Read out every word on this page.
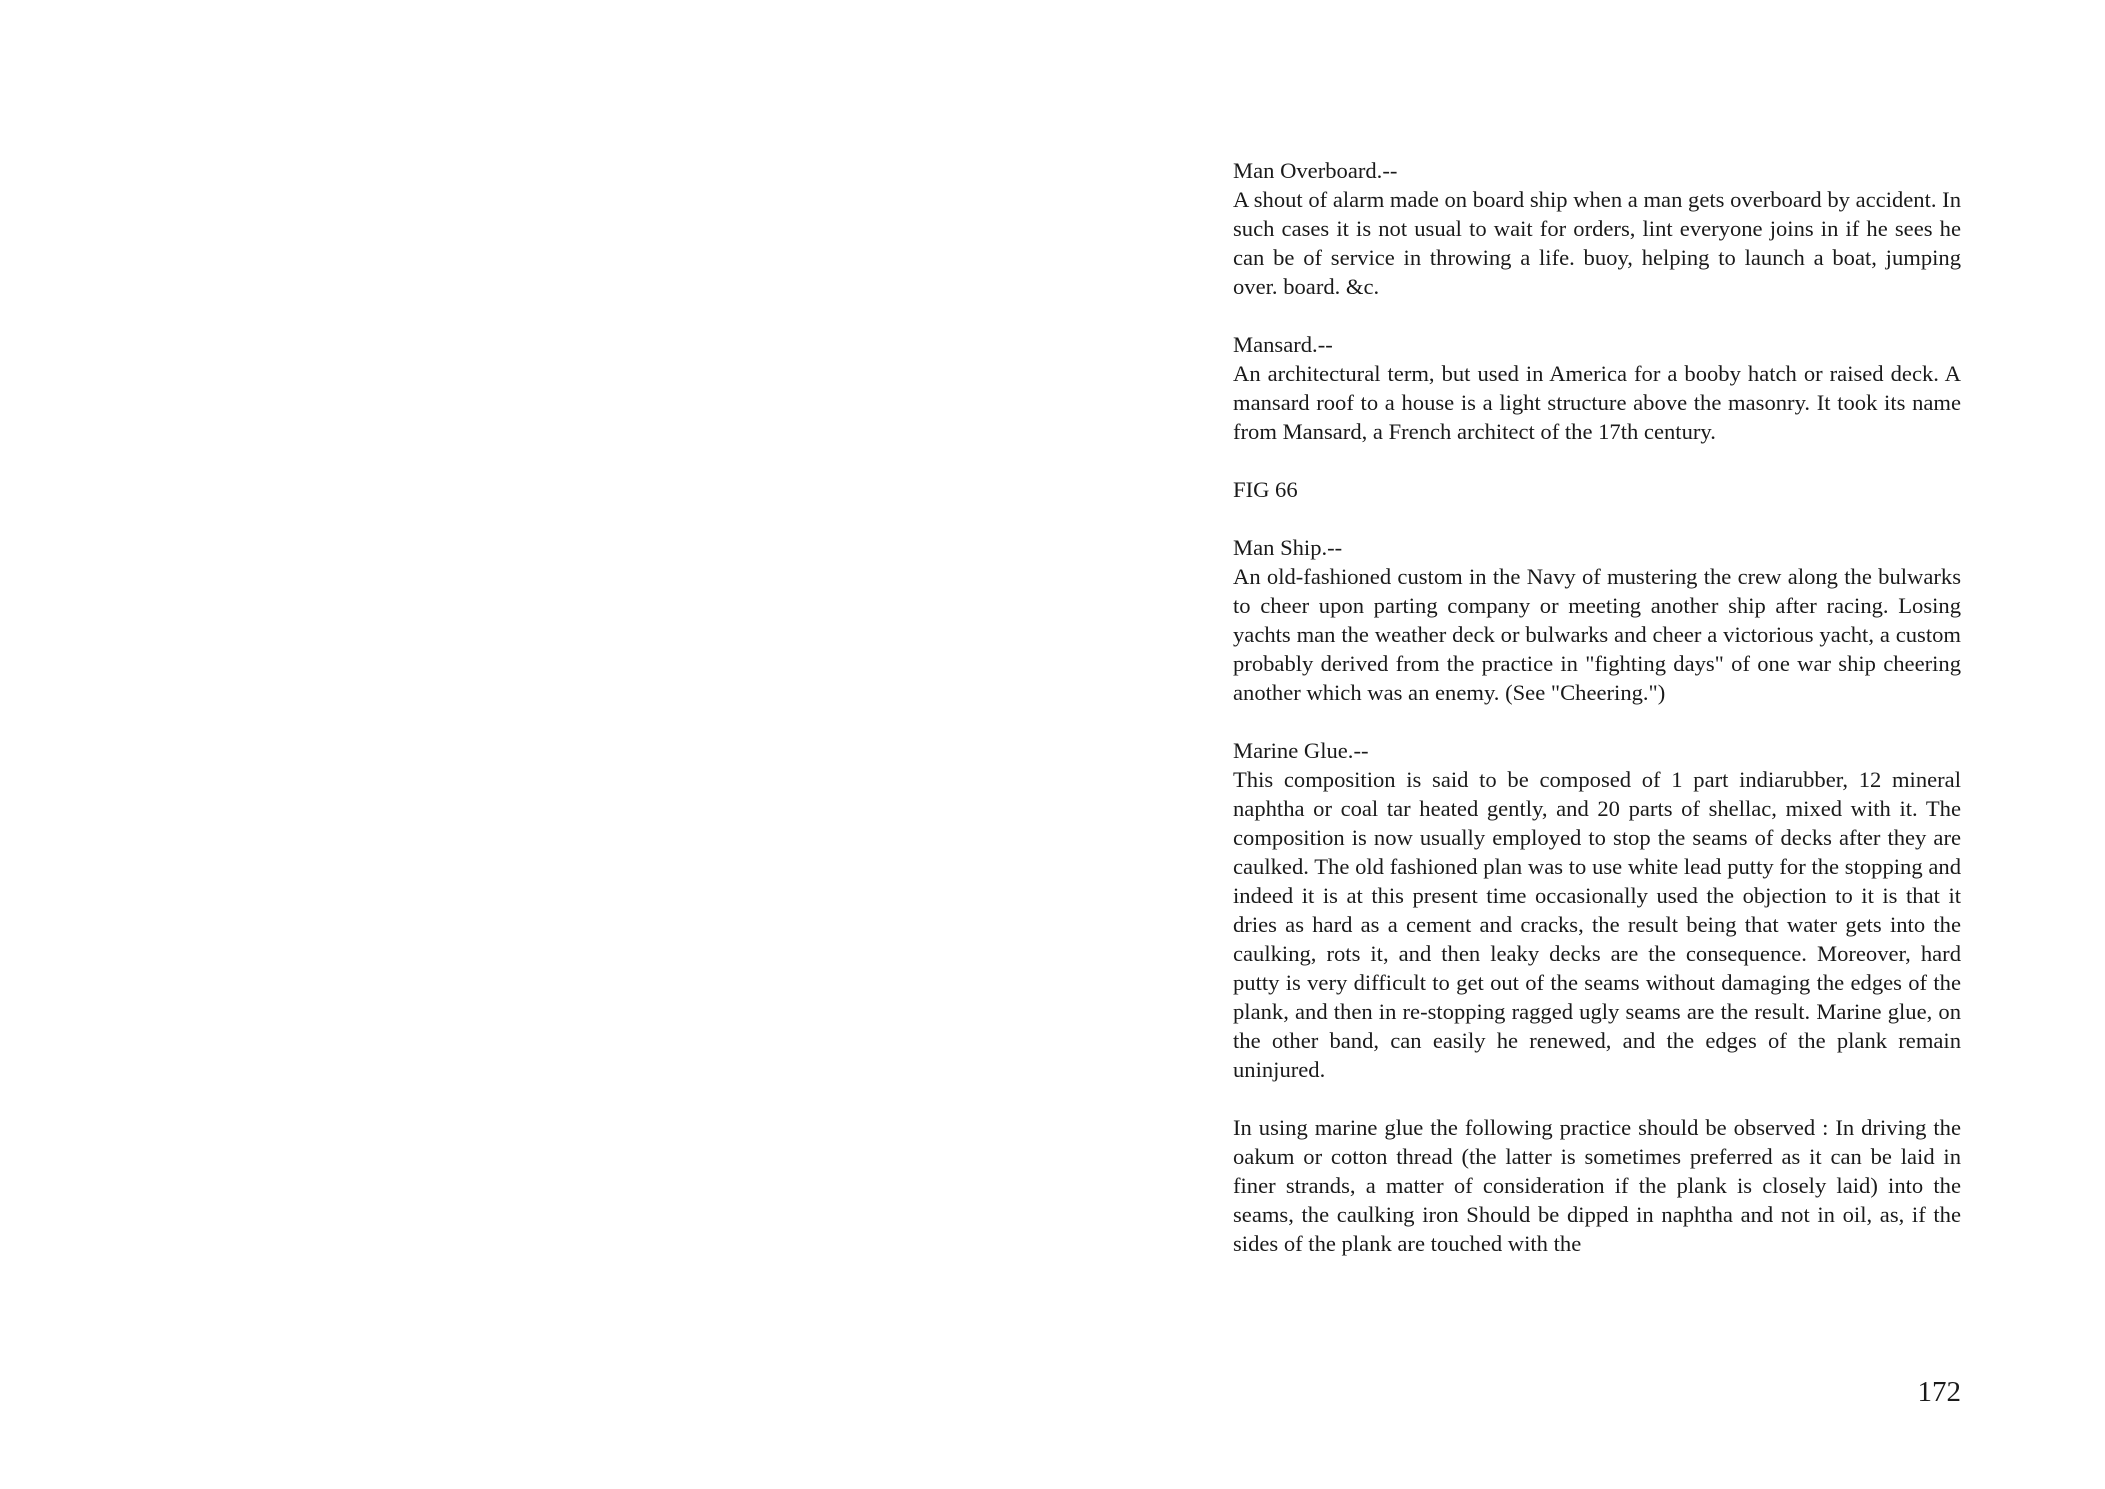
Man Overboard.--
A shout of alarm made on board ship when a man gets overboard by accident. In such cases it is not usual to wait for orders, lint everyone joins in if he sees he can be of service in throwing a life. buoy, helping to launch a boat, jumping over. board. &c.
Mansard.--
An architectural term, but used in America for a booby hatch or raised deck. A mansard roof to a house is a light structure above the masonry. It took its name from Mansard, a French architect of the 17th century.
FIG 66
Man Ship.--
An old-fashioned custom in the Navy of mustering the crew along the bulwarks to cheer upon parting company or meeting another ship after racing. Losing yachts man the weather deck or bulwarks and cheer a victorious yacht, a custom probably derived from the practice in "fighting days" of one war ship cheering another which was an enemy. (See "Cheering.")
Marine Glue.--
This composition is said to be composed of 1 part indiarubber, 12 mineral naphtha or coal tar heated gently, and 20 parts of shellac, mixed with it. The composition is now usually employed to stop the seams of decks after they are caulked. The old fashioned plan was to use white lead putty for the stopping and indeed it is at this present time occasionally used the objection to it is that it dries as hard as a cement and cracks, the result being that water gets into the caulking, rots it, and then leaky decks are the consequence. Moreover, hard putty is very difficult to get out of the seams without damaging the edges of the plank, and then in re-stopping ragged ugly seams are the result. Marine glue, on the other band, can easily he renewed, and the edges of the plank remain uninjured.
In using marine glue the following practice should be observed : In driving the oakum or cotton thread (the latter is sometimes preferred as it can be laid in finer strands, a matter of consideration if the plank is closely laid) into the seams, the caulking iron Should be dipped in naphtha and not in oil, as, if the sides of the plank are touched with the
172
